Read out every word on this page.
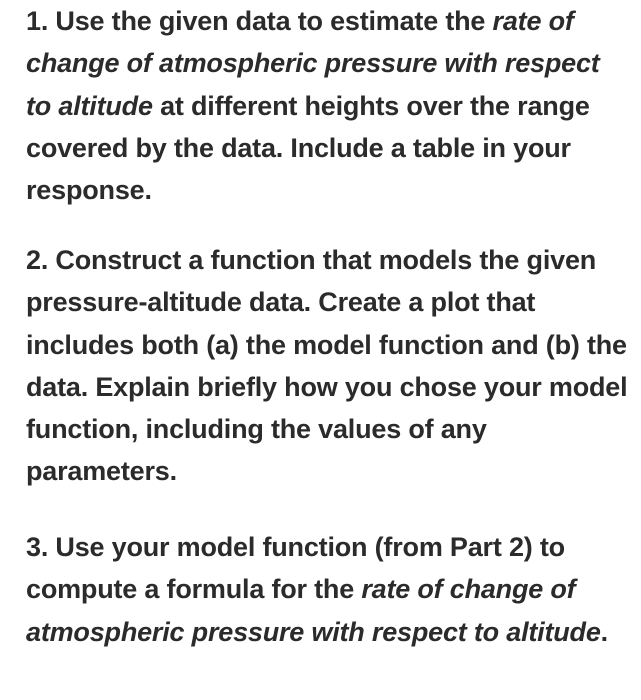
1. Use the given data to estimate the rate of change of atmospheric pressure with respect to altitude at different heights over the range covered by the data. Include a table in your response.

2. Construct a function that models the given pressure-altitude data. Create a plot that includes both (a) the model function and (b) the data. Explain briefly how you chose your model function, including the values of any parameters.

3. Use your model function (from Part 2) to compute a formula for the rate of change of atmospheric pressure with respect to altitude.
